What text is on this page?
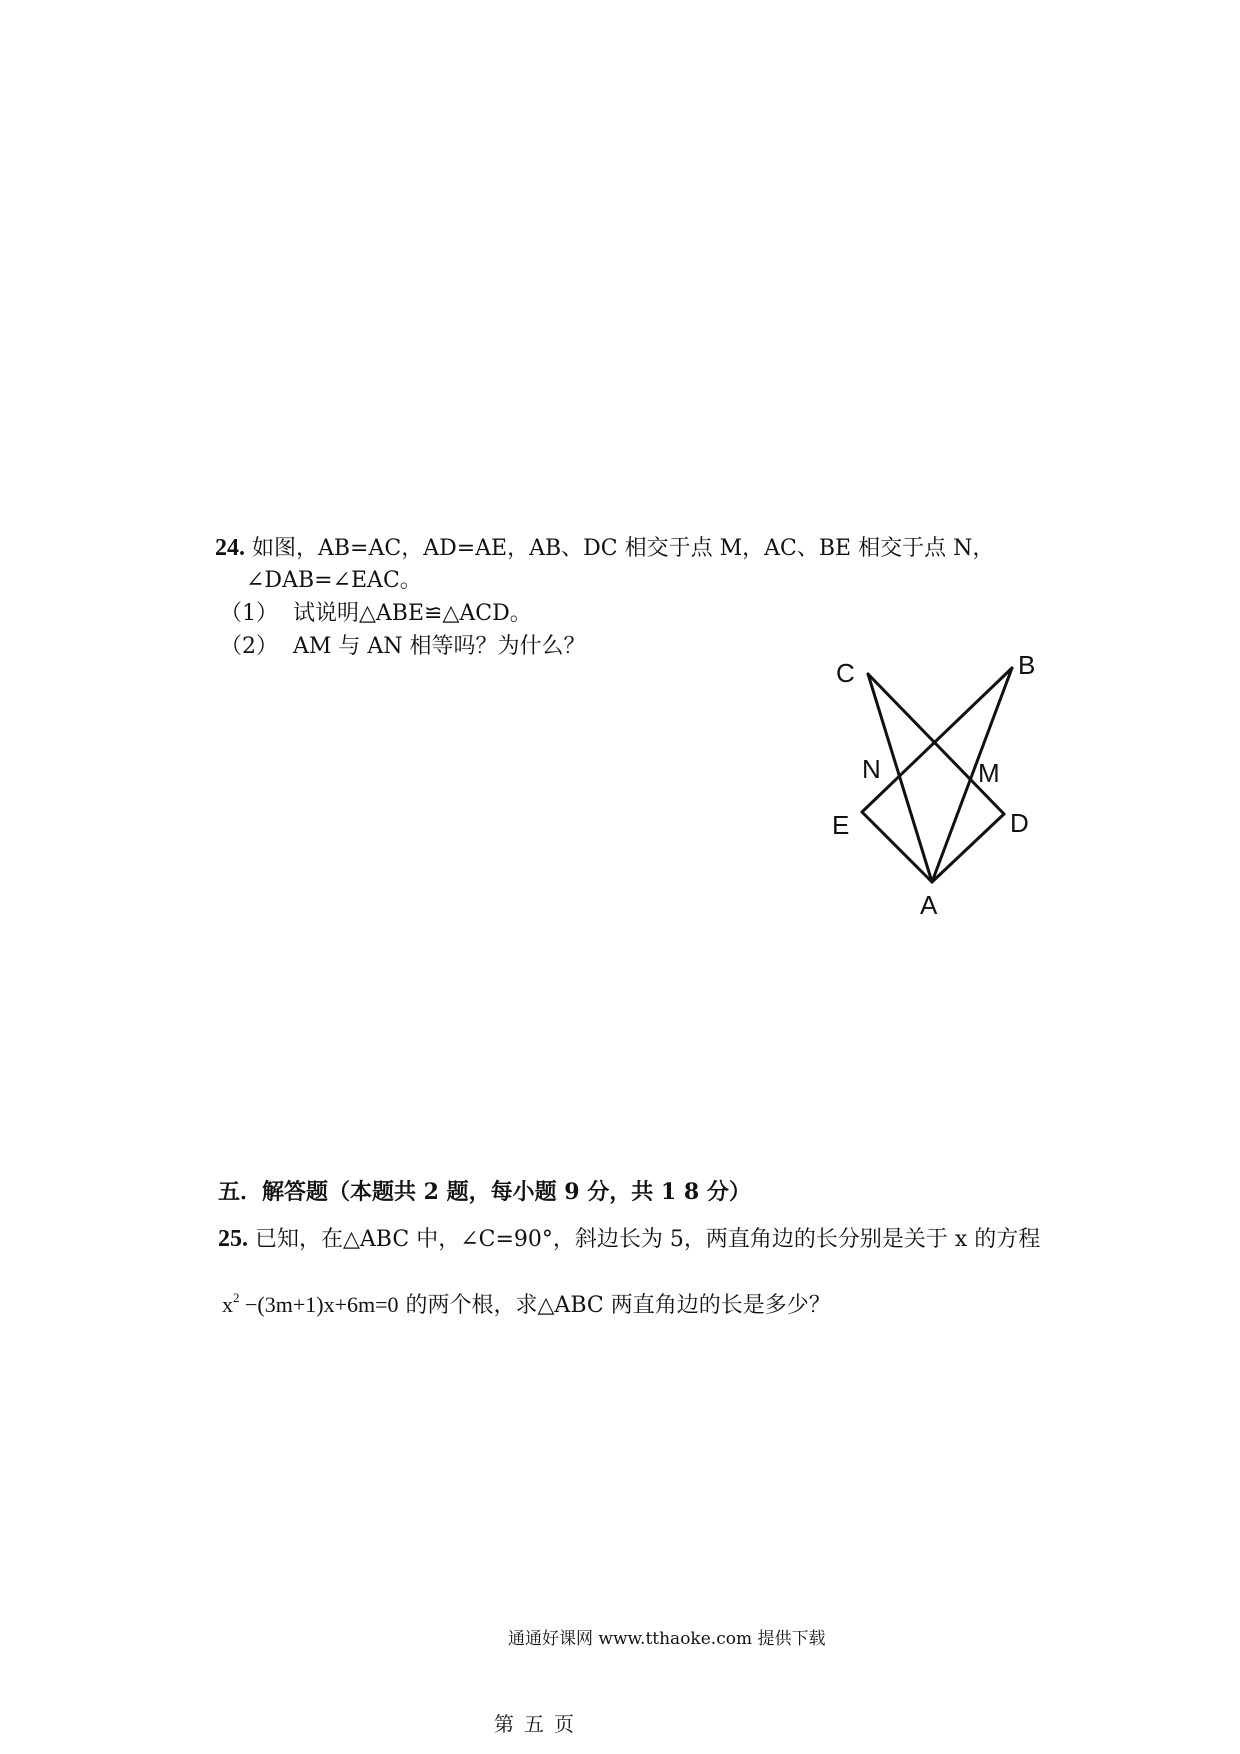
24. 如图，AB=AC，AD=AE，AB、DC 相交于点 M，AC、BE 相交于点 N，
∠DAB=∠EAC。
（1） 试说明△ABE≌△ACD。
（2） AM 与 AN 相等吗？为什么？
C	B
N	M
E	D
A
五．解答题（本题共 2 题，每小题 9 分，共 1 8 分）
25. 已知，在△ABC 中，∠C=90°，斜边长为 5，两直角边的长分别是关于 x 的方程
$x^2 -(3m+1)x+6m=0$ 的两个根，求△ABC 两直角边的长是多少？
通通好课网 www.tthaoke.com 提供下载
第五页
